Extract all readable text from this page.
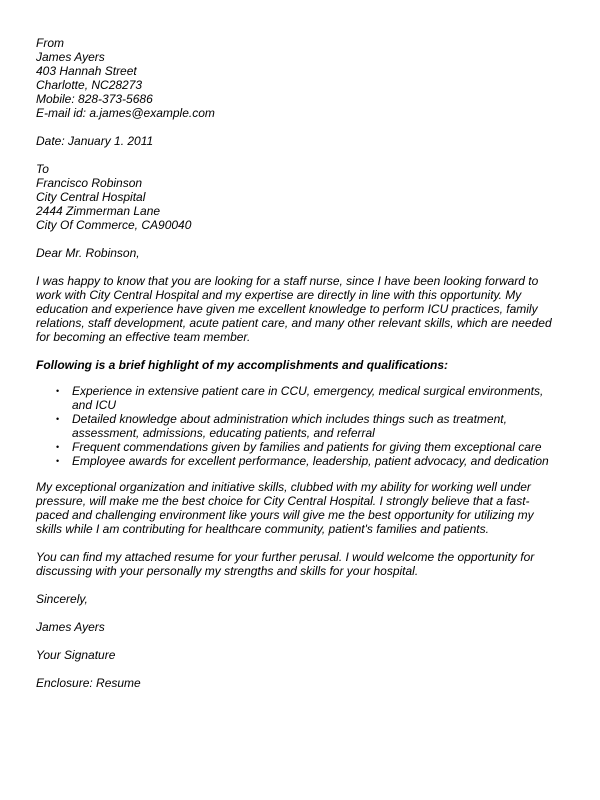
From
James Ayers
403 Hannah Street
Charlotte, NC28273
Mobile: 828-373-5686
E-mail id: a.james@example.com
Date: January 1. 2011
To
Francisco Robinson
City Central Hospital
2444 Zimmerman Lane
City Of Commerce, CA90040
Dear Mr. Robinson,
I was happy to know that you are looking for a staff nurse, since I have been looking forward to
work with City Central Hospital and my expertise are directly in line with this opportunity. My
education and experience have given me excellent knowledge to perform ICU practices, family
relations, staff development, acute patient care, and many other relevant skills, which are needed
for becoming an effective team member.
Following is a brief highlight of my accomplishments and qualifications:
• Experience in extensive patient care in CCU, emergency, medical surgical environments,
and ICU
• Detailed knowledge about administration which includes things such as treatment,
assessment, admissions, educating patients, and referral
• Frequent commendations given by families and patients for giving them exceptional care
• Employee awards for excellent performance, leadership, patient advocacy, and dedication
My exceptional organization and initiative skills, clubbed with my ability for working well under
pressure, will make me the best choice for City Central Hospital. I strongly believe that a fast-
paced and challenging environment like yours will give me the best opportunity for utilizing my
skills while I am contributing for healthcare community, patient's families and patients.
You can find my attached resume for your further perusal. I would welcome the opportunity for
discussing with your personally my strengths and skills for your hospital.
Sincerely,
James Ayers
Your Signature
Enclosure: Resume
